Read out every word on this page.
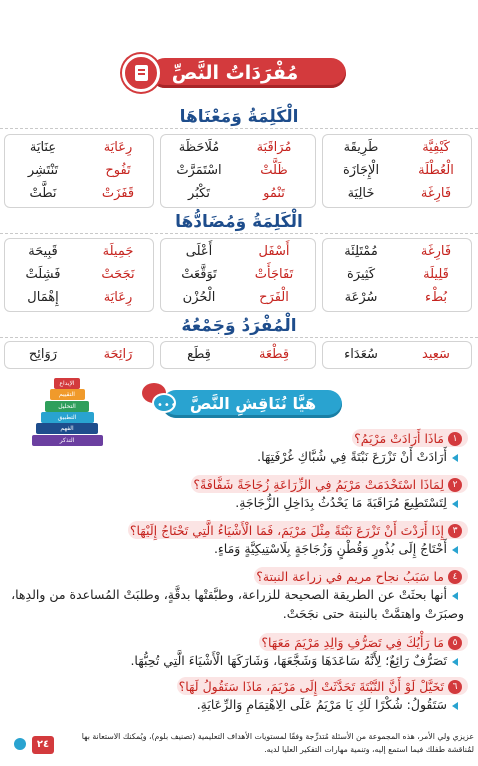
مُفْرَدَاتُ النَّصِّ
الْكَلِمَةُ وَمَعْنَاهَا
كَيْفِيَّة
طَرِيقَة
مُرَاقَبَة
مُلَاحَظَة
رِعَايَة
عِنَايَة
الْعُطْلَة
الْإِجَازَة
ظَلَّتْ
اسْتَمَرَّتْ
تَفُوح
تَنْتَشِر
فَارِغَة
خَالِيَة
تَنْمُو
تَكْبُر
قَفَزَتْ
نَطَّتْ
الْكَلِمَةُ وَمُضَادُّهَا
فَارِغَة
مُمْتَلِئَة
أَسْفَل
أَعْلَى
جَمِيلَة
قَبِيحَة
قَلِيلَة
كَثِيرَة
تَفَاجَأَتْ
تَوَقَّعَتْ
نَجَحَتْ
فَشِلَتْ
بُطْء
سُرْعَة
الْفَرَح
الْحُزْن
رِعَايَة
إِهْمَال
الْمُفْرَدُ وَجَمْعُهُ
سَعِيد
سُعَدَاء
قِطْعَة
قِطَع
رَائِحَة
رَوَائِح
الإبداع
التقييم
التحليل
التطبيق
الفهم
التذكر
هَيَّا نُنَاقِشِ النَّصَّ
•••
١مَاذَا أَرَادَتْ مَرْيَمُ؟
أَرَادَتْ أَنْ تَزْرَعَ نَبْتَةً فِي شُبَّاكِ غُرْفَتِهَا.
٢لِمَاذَا اسْتَخْدَمَتْ مَرْيَمُ فِي الزِّرَاعَةِ زُجَاجَةً شَفَّافَةً؟
لِتَسْتَطِيعَ مُرَاقَبَةَ مَا يَحْدُثُ بِدَاخِلِ الزُّجَاجَةِ.
٣إِذَا أَرَدْتَ أَنْ تَزْرَعَ نَبْتَةً مِثْلَ مَرْيَمَ، فَمَا الْأَشْيَاءُ الَّتِي تَحْتَاجُ إِلَيْهَا؟
أَحْتَاجُ إِلَى بُذُورٍ وَقُطْنٍ وَزُجَاجَةٍ بِلَاسْتِيكِيَّةٍ وَمَاءٍ.
٤ما سَبَبُ نجاح مريم في زراعة النبتة؟
أنها بحثَتْ عن الطريقة الصحيحة للزراعة، وطبَّقتْها بدقَّةٍ، وطلبَتْ المُساعدة من والدِها،
وصبَرَتْ واهتمَّتْ بالنبتة حتى نجَحَتْ.
٥مَا رَأْيُكَ فِي تَصَرُّفِ وَالِدِ مَرْيَمَ مَعَهَا؟
تَصَرُّفٌ رَائِعٌ؛ لِأَنَّهُ سَاعَدَهَا وَشَجَّعَهَا، وَشَارَكَهَا الْأَشْيَاءَ الَّتِي تُحِبُّهَا.
٦تَخَيَّلْ لَوْ أَنَّ النَّبْتَةَ تَحَدَّثَتْ إِلَى مَرْيَمَ، مَاذَا سَتَقُولُ لَهَا؟
سَتَقُولُ: شُكْرًا لَكِ يَا مَرْيَمُ عَلَى الِاهْتِمَامِ وَالرِّعَايَةِ.
٢٤
عزيزي ولي الأمر، هذه المجموعة من الأسئلة مُتدرِّجة وفقًا لمستويات الأهداف التعليمية (تصنيف بلوم)، ويُمكنك الاستعانة بها لمُناقشة طفلك فيما استمع إليه، وتنمية مهارات التفكير العليا لديه.
